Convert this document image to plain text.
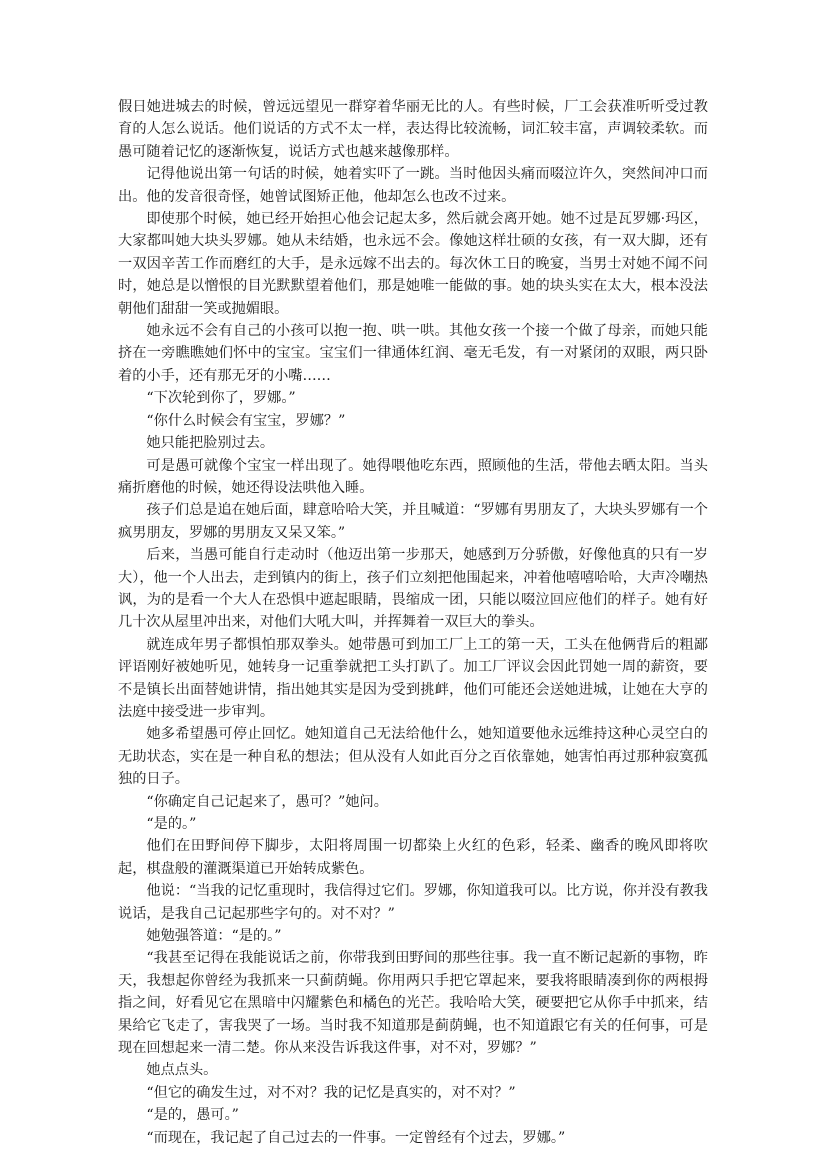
假日她进城去的时候，曾远远望见一群穿着华丽无比的人。有些时候，厂工会获准听听受过教育的人怎么说话。他们说话的方式不太一样，表达得比较流畅，词汇较丰富，声调较柔软。而愚可随着记忆的逐渐恢复，说话方式也越来越像那样。

记得他说出第一句话的时候，她着实吓了一跳。当时他因头痛而啜泣许久，突然间冲口而出。他的发音很奇怪，她曾试图矫正他，他却怎么也改不过来。

即使那个时候，她已经开始担心他会记起太多，然后就会离开她。她不过是瓦罗娜·玛区，大家都叫她大块头罗娜。她从未结婚，也永远不会。像她这样壮硕的女孩，有一双大脚，还有一双因辛苦工作而磨红的大手，是永远嫁不出去的。每次休工日的晚宴，当男士对她不闻不问时，她总是以憎恨的目光默默望着他们，那是她唯一能做的事。她的块头实在太大，根本没法朝他们甜甜一笑或抛媚眼。

她永远不会有自己的小孩可以抱一抱、哄一哄。其他女孩一个接一个做了母亲，而她只能挤在一旁瞧瞧她们怀中的宝宝。宝宝们一律通体红润、毫无毛发，有一对紧闭的双眼，两只卧着的小手，还有那无牙的小嘴……

“下次轮到你了，罗娜。”

“你什么时候会有宝宝，罗娜？”

她只能把脸别过去。

可是愚可就像个宝宝一样出现了。她得喂他吃东西，照顾他的生活，带他去晒太阳。当头痛折磨他的时候，她还得设法哄他入睡。

孩子们总是追在她后面，肆意哈哈大笑，并且喊道：“罗娜有男朋友了，大块头罗娜有一个疯男朋友，罗娜的男朋友又呆又笨。”

后来，当愚可能自行走动时（他迈出第一步那天，她感到万分骄傲，好像他真的只有一岁大），他一个人出去，走到镇内的街上，孩子们立刻把他围起来，冲着他嘻嘻哈哈，大声冷嘲热讽，为的是看一个大人在恐惧中遮起眼睛，畏缩成一团，只能以啜泣回应他们的样子。她有好几十次从屋里冲出来，对他们大吼大叫，并挥舞着一双巨大的拳头。

就连成年男子都惧怕那双拳头。她带愚可到加工厂上工的第一天，工头在他俩背后的粗鄙评语刚好被她听见，她转身一记重拳就把工头打趴了。加工厂评议会因此罚她一周的薪资，要不是镇长出面替她讲情，指出她其实是因为受到挑衅，他们可能还会送她进城，让她在大亨的法庭中接受进一步审判。

她多希望愚可停止回忆。她知道自己无法给他什么，她知道要他永远维持这种心灵空白的无助状态，实在是一种自私的想法；但从没有人如此百分之百依靠她，她害怕再过那种寂寞孤独的日子。

“你确定自己记起来了，愚可？”她问。

“是的。”

他们在田野间停下脚步，太阳将周围一切都染上火红的色彩，轻柔、幽香的晚风即将吹起，棋盘般的灌溉渠道已开始转成紫色。

他说：“当我的记忆重现时，我信得过它们。罗娜，你知道我可以。比方说，你并没有教我说话，是我自己记起那些字句的。对不对？”

她勉强答道：“是的。”

“我甚至记得在我能说话之前，你带我到田野间的那些往事。我一直不断记起新的事物，昨天，我想起你曾经为我抓来一只蓟荫蝇。你用两只手把它罩起来，要我将眼睛凑到你的两根拇指之间，好看见它在黑暗中闪耀紫色和橘色的光芒。我哈哈大笑，硬要把它从你手中抓来，结果给它飞走了，害我哭了一场。当时我不知道那是蓟荫蝇，也不知道跟它有关的任何事，可是现在回想起来一清二楚。你从来没告诉我这件事，对不对，罗娜？”

她点点头。

“但它的确发生过，对不对？我的记忆是真实的，对不对？”

“是的，愚可。”

“而现在，我记起了自己过去的一件事。一定曾经有个过去，罗娜。”
